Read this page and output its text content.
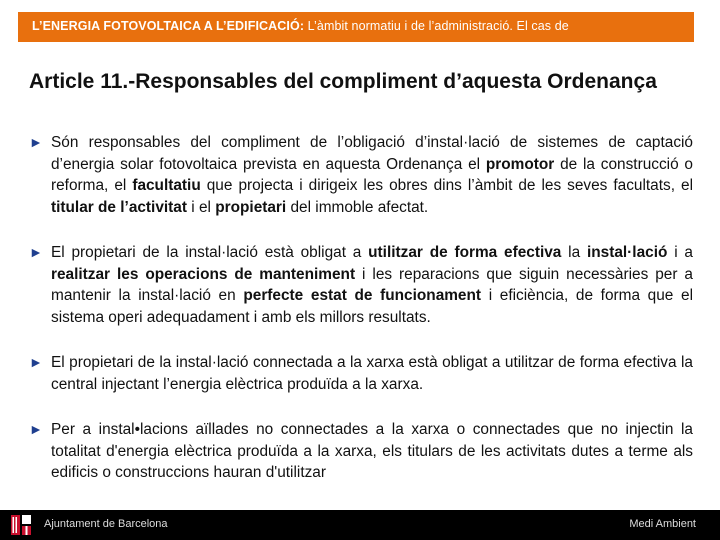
L’ENERGIA FOTOVOLTAICA A L’EDIFICACIÓ: L’àmbit normatiu i de l’administració. El cas de
Article 11.-Responsables del compliment d’aquesta Ordenança

► Són responsables del compliment de l’obligació d’instal·lació de sistemes de captació d’energia solar fotovoltaica prevista en aquesta Ordenança el promotor de la construcció o reforma, el facultatiu que projecta i dirigeix les obres dins l’àmbit de les seves facultats, el titular de l’activitat i el propietari del immoble afectat.

► El propietari de la instal·lació està obligat a utilitzar de forma efectiva la instal·lació i a realitzar les operacions de manteniment i les reparacions que siguin necessàries per a mantenir la instal·lació en perfecte estat de funcionament i eficiència, de forma que el sistema operi adequadament i amb els millors resultats.

► El propietari de la instal·lació connectada a la xarxa està obligat a utilitzar de forma efectiva la central injectant l’energia elèctrica produïda a la xarxa.

► Per a instal•lacions aïllades no connectades a la xarxa o connectades que no injectin la totalitat d'energia elèctrica produïda a la xarxa, els titulars de les activitats dutes a terme als edificis o construccions hauran d'utilitzar

Ajuntament de Barcelona	Medi Ambient
